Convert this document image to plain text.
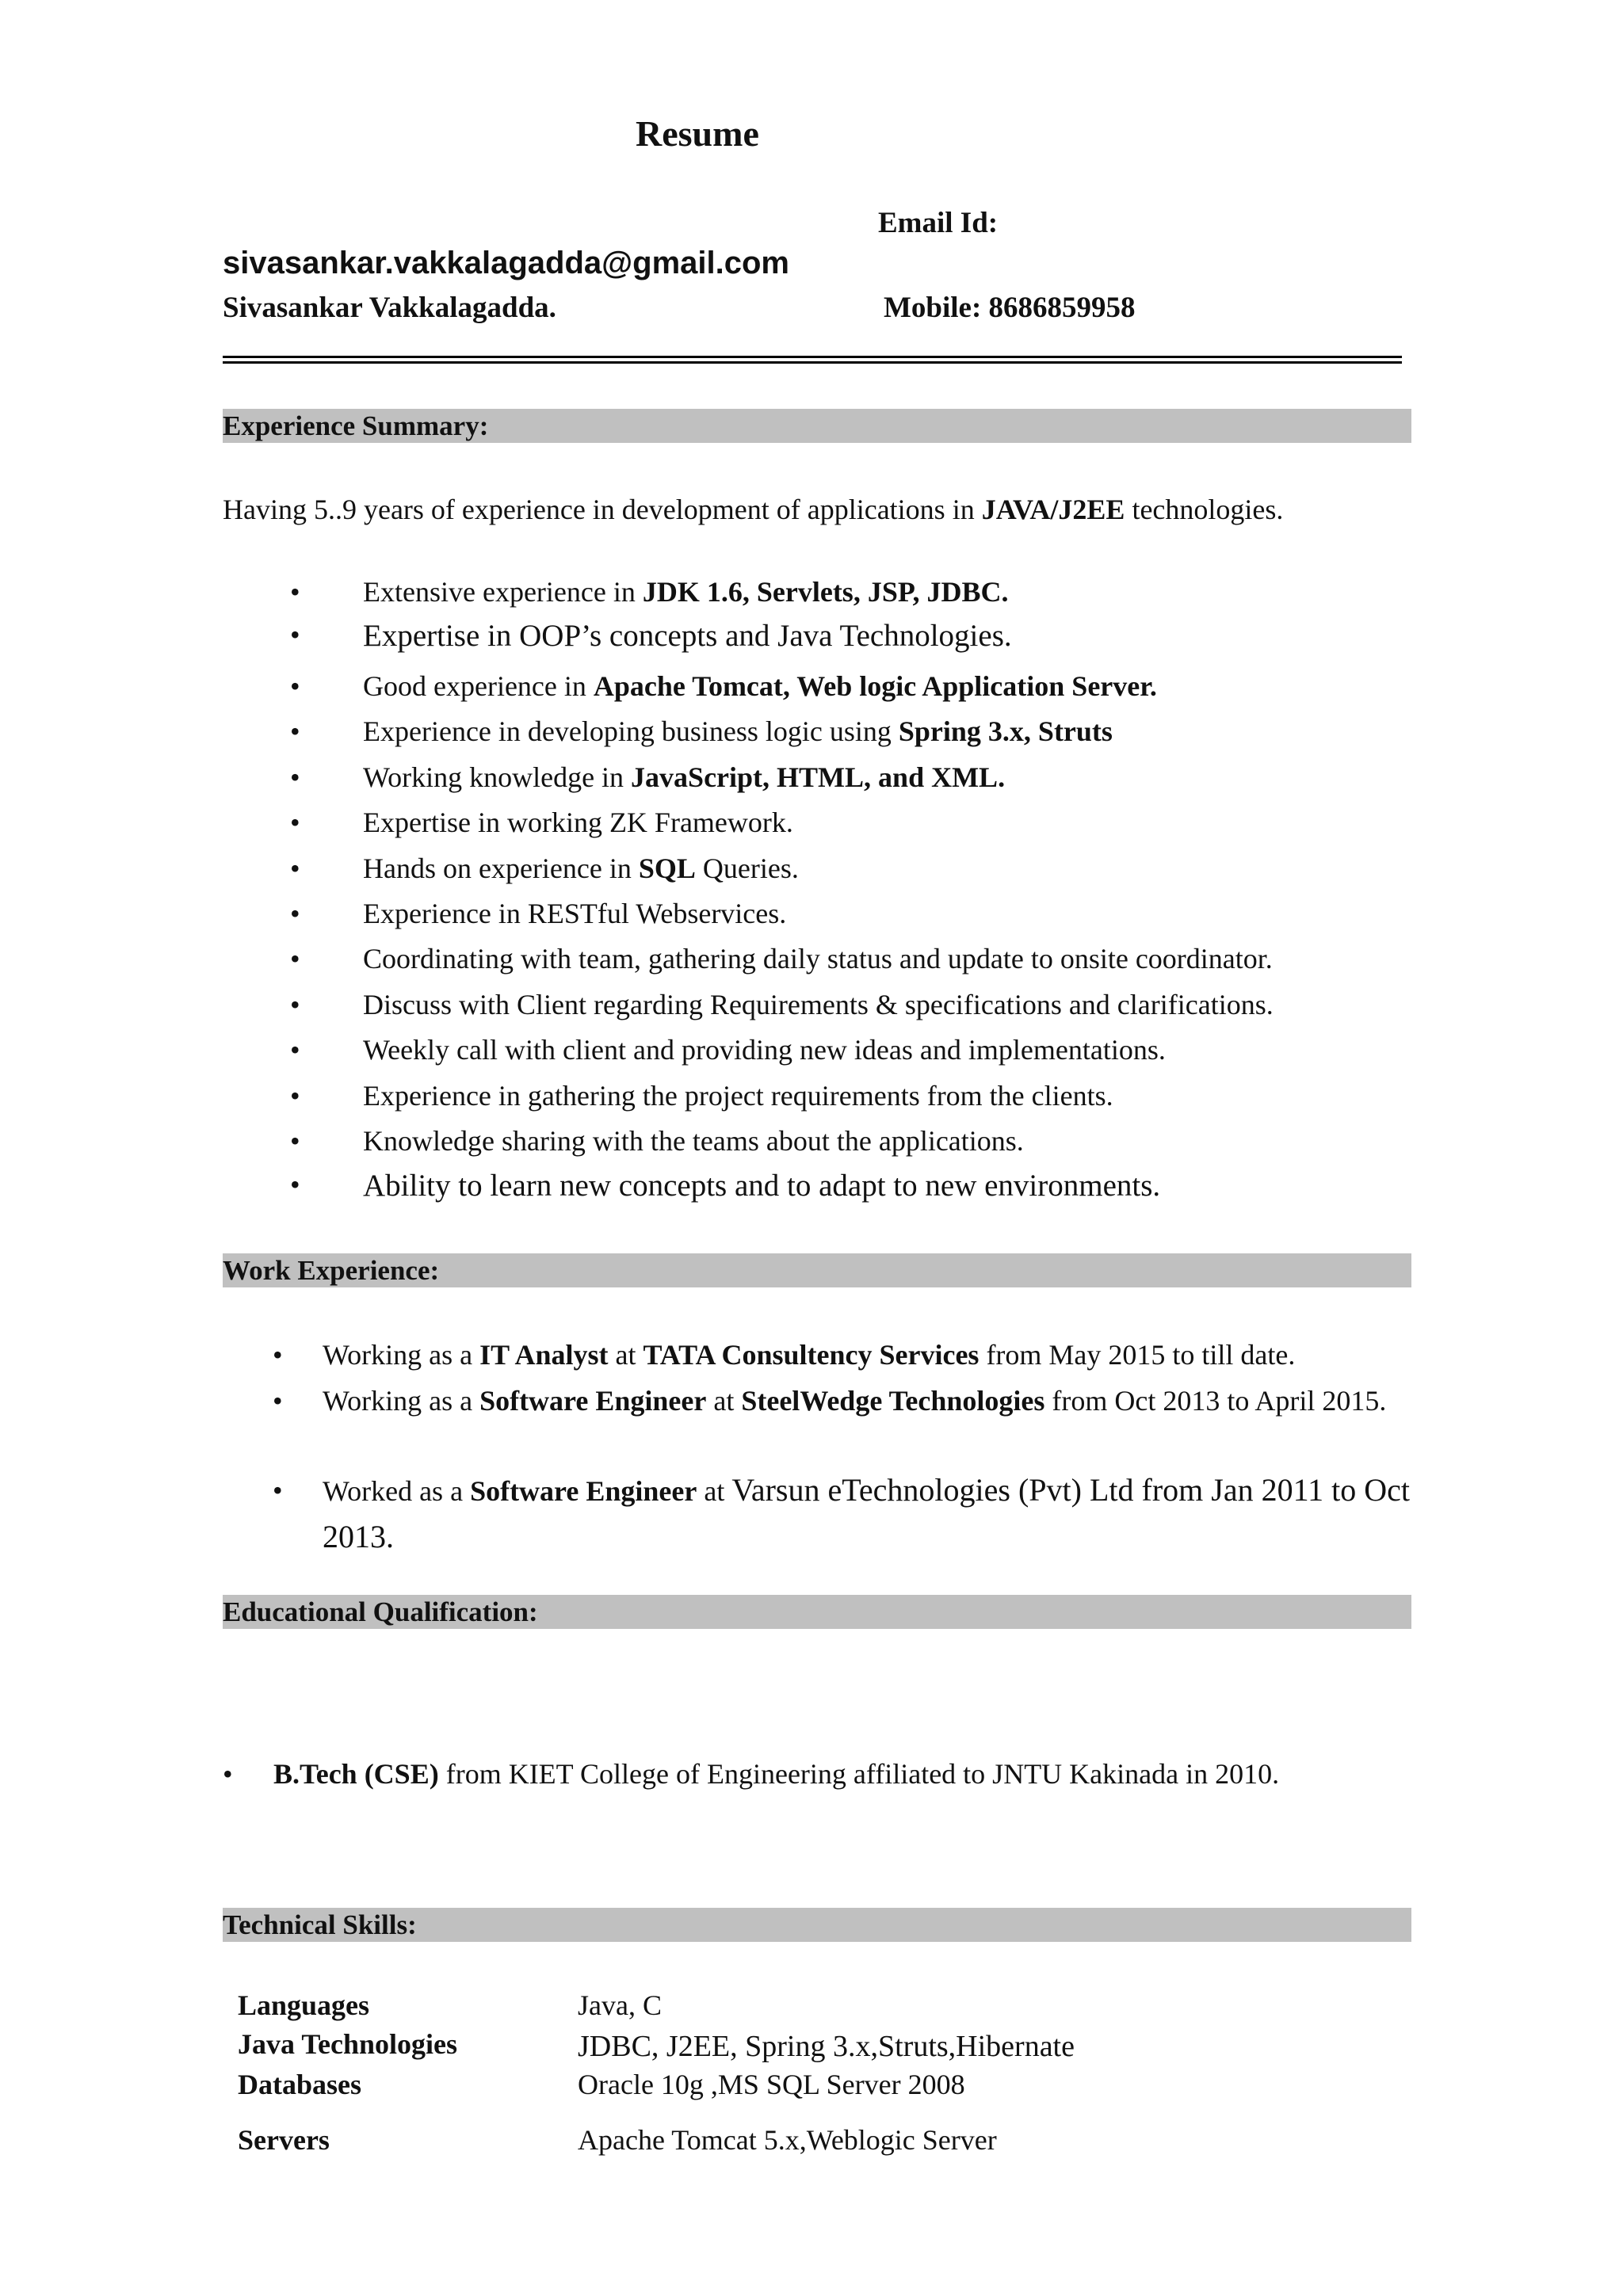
Resume
Email Id:
sivasankar.vakkalagadda@gmail.com
Sivasankar Vakkalagadda.	Mobile: 8686859958
Experience Summary:
Having 5..9 years of experience in development of applications in JAVA/J2EE technologies.
• Extensive experience in JDK 1.6, Servlets, JSP, JDBC.
• Expertise in OOP’s concepts and Java Technologies.
• Good experience in Apache Tomcat, Web logic Application Server.
• Experience in developing business logic using Spring 3.x, Struts
• Working knowledge in JavaScript, HTML, and XML.
• Expertise in working ZK Framework.
• Hands on experience in SQL Queries.
• Experience in RESTful Webservices.
• Coordinating with team, gathering daily status and update to onsite coordinator.
• Discuss with Client regarding Requirements & specifications and clarifications.
• Weekly call with client and providing new ideas and implementations.
• Experience in gathering the project requirements from the clients.
• Knowledge sharing with the teams about the applications.
• Ability to learn new concepts and to adapt to new environments.
Work Experience:
• Working as a IT Analyst at TATA Consultency Services from May 2015 to till date.
• Working as a Software Engineer at SteelWedge Technologies from Oct 2013 to April 2015.
• Worked as a Software Engineer at Varsun eTechnologies (Pvt) Ltd from Jan 2011 to Oct 2013.
Educational Qualification:
• B.Tech (CSE) from KIET College of Engineering affiliated to JNTU Kakinada in 2010.
Technical Skills:
Languages	Java, C
Java Technologies	JDBC, J2EE, Spring 3.x,Struts,Hibernate
Databases	Oracle 10g ,MS SQL Server 2008
Servers	Apache Tomcat 5.x,Weblogic Server
